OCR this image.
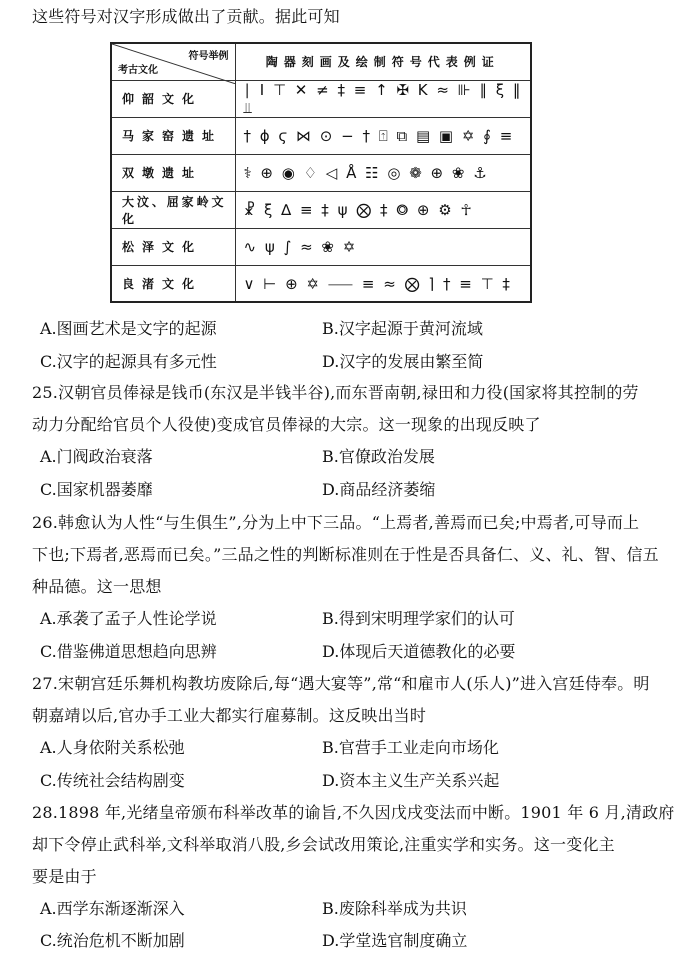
这些符号对汉字形成做出了贡献。据此可知
符号举例
考古文化	陶器刻画及绘制符号代表例证
仰韶文化	∣ Ι ⊤ ✕ ≠ ‡ ≡ ↑ ✠ K ≈ ⊪ ∥ ξ ‖ ⫫
马家窑遗址	† ϕ ϛ ⋈ ⊙ − † ⍐ ⧉ ▤ ▣ ✡ ∮ ≡
双墩遗址	⚕ ⊕ ◉ ♢ ◁ Å ☷ ◎ ❁ ⊕ ❀ ⚓
大汶、屈家岭文化	☧ ξ ∆ ≡ ‡ ψ ⨂ ‡ ⭗ ⊕ ⚙ ☥
松泽文化	∿ ψ ∫ ≈ ❀ ✡
良渚文化	∨ ⊢ ⊕ ✡ ⸺ ≡ ≈ ⨂ ⌉ † ≡ ⊤ ‡
A.图画艺术是文字的起源	B.汉字起源于黄河流域
C.汉字的起源具有多元性	D.汉字的发展由繁至简
25.汉朝官员俸禄是钱币(东汉是半钱半谷),而东晋南朝,禄田和力役(国家将其控制的劳
动力分配给官员个人役使)变成官员俸禄的大宗。这一现象的出现反映了
A.门阀政治衰落	B.官僚政治发展
C.国家机器萎靡	D.商品经济萎缩
26.韩愈认为人性“与生俱生”,分为上中下三品。“上焉者,善焉而已矣;中焉者,可导而上
下也;下焉者,恶焉而已矣。”三品之性的判断标准则在于性是否具备仁、义、礼、智、信五
种品德。这一思想
A.承袭了孟子人性论学说	B.得到宋明理学家们的认可
C.借鉴佛道思想趋向思辨	D.体现后天道德教化的必要
27.宋朝宫廷乐舞机构教坊废除后,每“遇大宴等”,常“和雇市人(乐人)”进入宫廷侍奉。明
朝嘉靖以后,官办手工业大都实行雇募制。这反映出当时
A.人身依附关系松弛	B.官营手工业走向市场化
C.传统社会结构剧变	D.资本主义生产关系兴起
28.1898 年,光绪皇帝颁布科举改革的谕旨,不久因戊戌变法而中断。1901 年 6 月,清政府
却下令停止武科举,文科举取消八股,乡会试改用策论,注重实学和实务。这一变化主
要是由于
A.西学东渐逐渐深入	B.废除科举成为共识
C.统治危机不断加剧	D.学堂选官制度确立
